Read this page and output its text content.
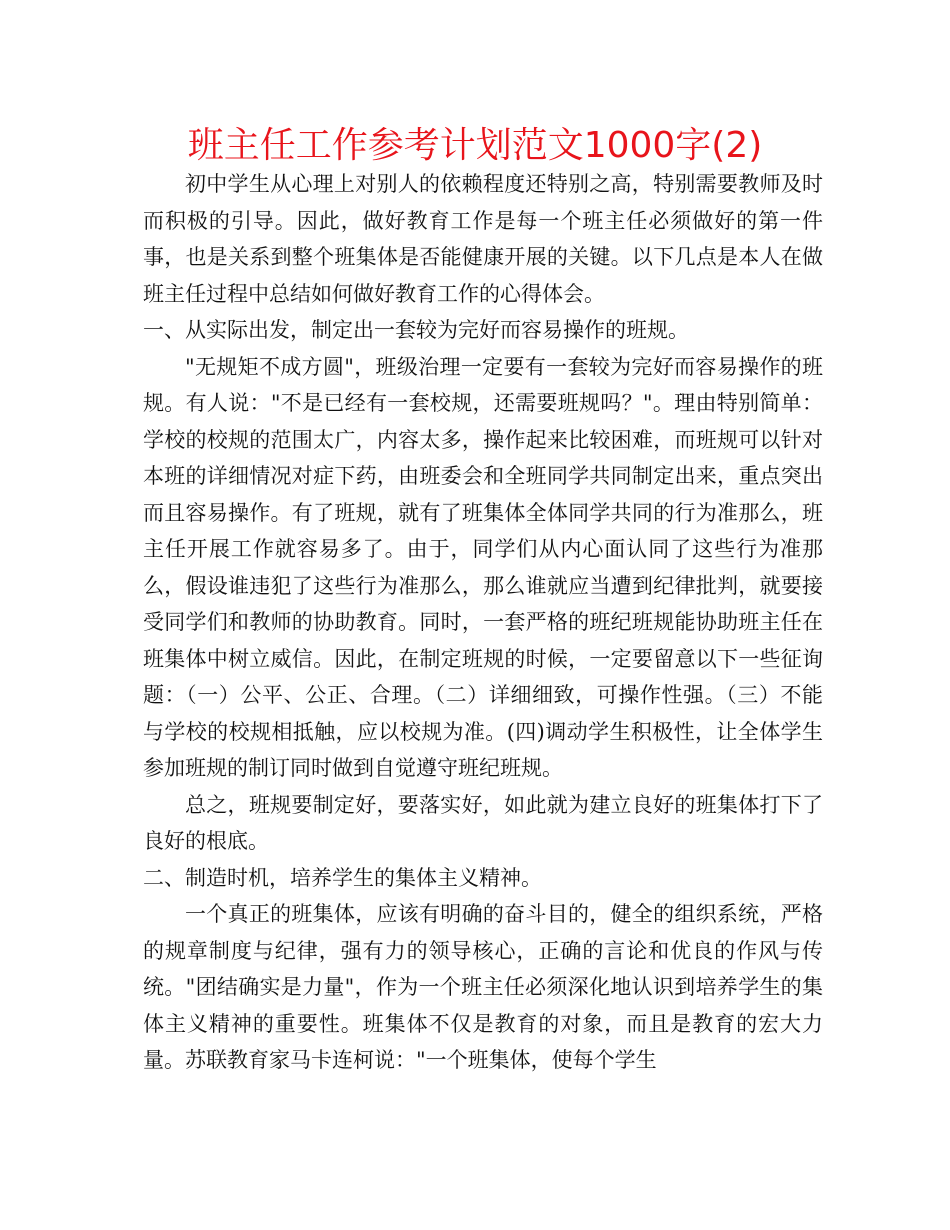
班主任工作参考计划范文1000字(2)

初中学生从心理上对别人的依赖程度还特别之高，特别需要教师及时而积极的引导。因此，做好教育工作是每一个班主任必须做好的第一件事，也是关系到整个班集体是否能健康开展的关键。以下几点是本人在做班主任过程中总结如何做好教育工作的心得体会。

一、从实际出发，制定出一套较为完好而容易操作的班规。

"无规矩不成方圆"，班级治理一定要有一套较为完好而容易操作的班规。有人说："不是已经有一套校规，还需要班规吗？"。理由特别简单：学校的校规的范围太广，内容太多，操作起来比较困难，而班规可以针对本班的详细情况对症下药，由班委会和全班同学共同制定出来，重点突出而且容易操作。有了班规，就有了班集体全体同学共同的行为准那么，班主任开展工作就容易多了。由于，同学们从内心面认同了这些行为准那么，假设谁违犯了这些行为准那么，那么谁就应当遭到纪律批判，就要接受同学们和教师的协助教育。同时，一套严格的班纪班规能协助班主任在班集体中树立威信。因此，在制定班规的时候，一定要留意以下一些征询题：（一）公平、公正、合理。（二）详细细致，可操作性强。（三）不能与学校的校规相抵触，应以校规为准。(四)调动学生积极性，让全体学生参加班规的制订同时做到自觉遵守班纪班规。

总之，班规要制定好，要落实好，如此就为建立良好的班集体打下了良好的根底。

二、制造时机，培养学生的集体主义精神。

一个真正的班集体，应该有明确的奋斗目的，健全的组织系统，严格的规章制度与纪律，强有力的领导核心，正确的言论和优良的作风与传统。"团结确实是力量"，作为一个班主任必须深化地认识到培养学生的集体主义精神的重要性。班集体不仅是教育的对象，而且是教育的宏大力量。苏联教育家马卡连柯说："一个班集体，使每个学生
